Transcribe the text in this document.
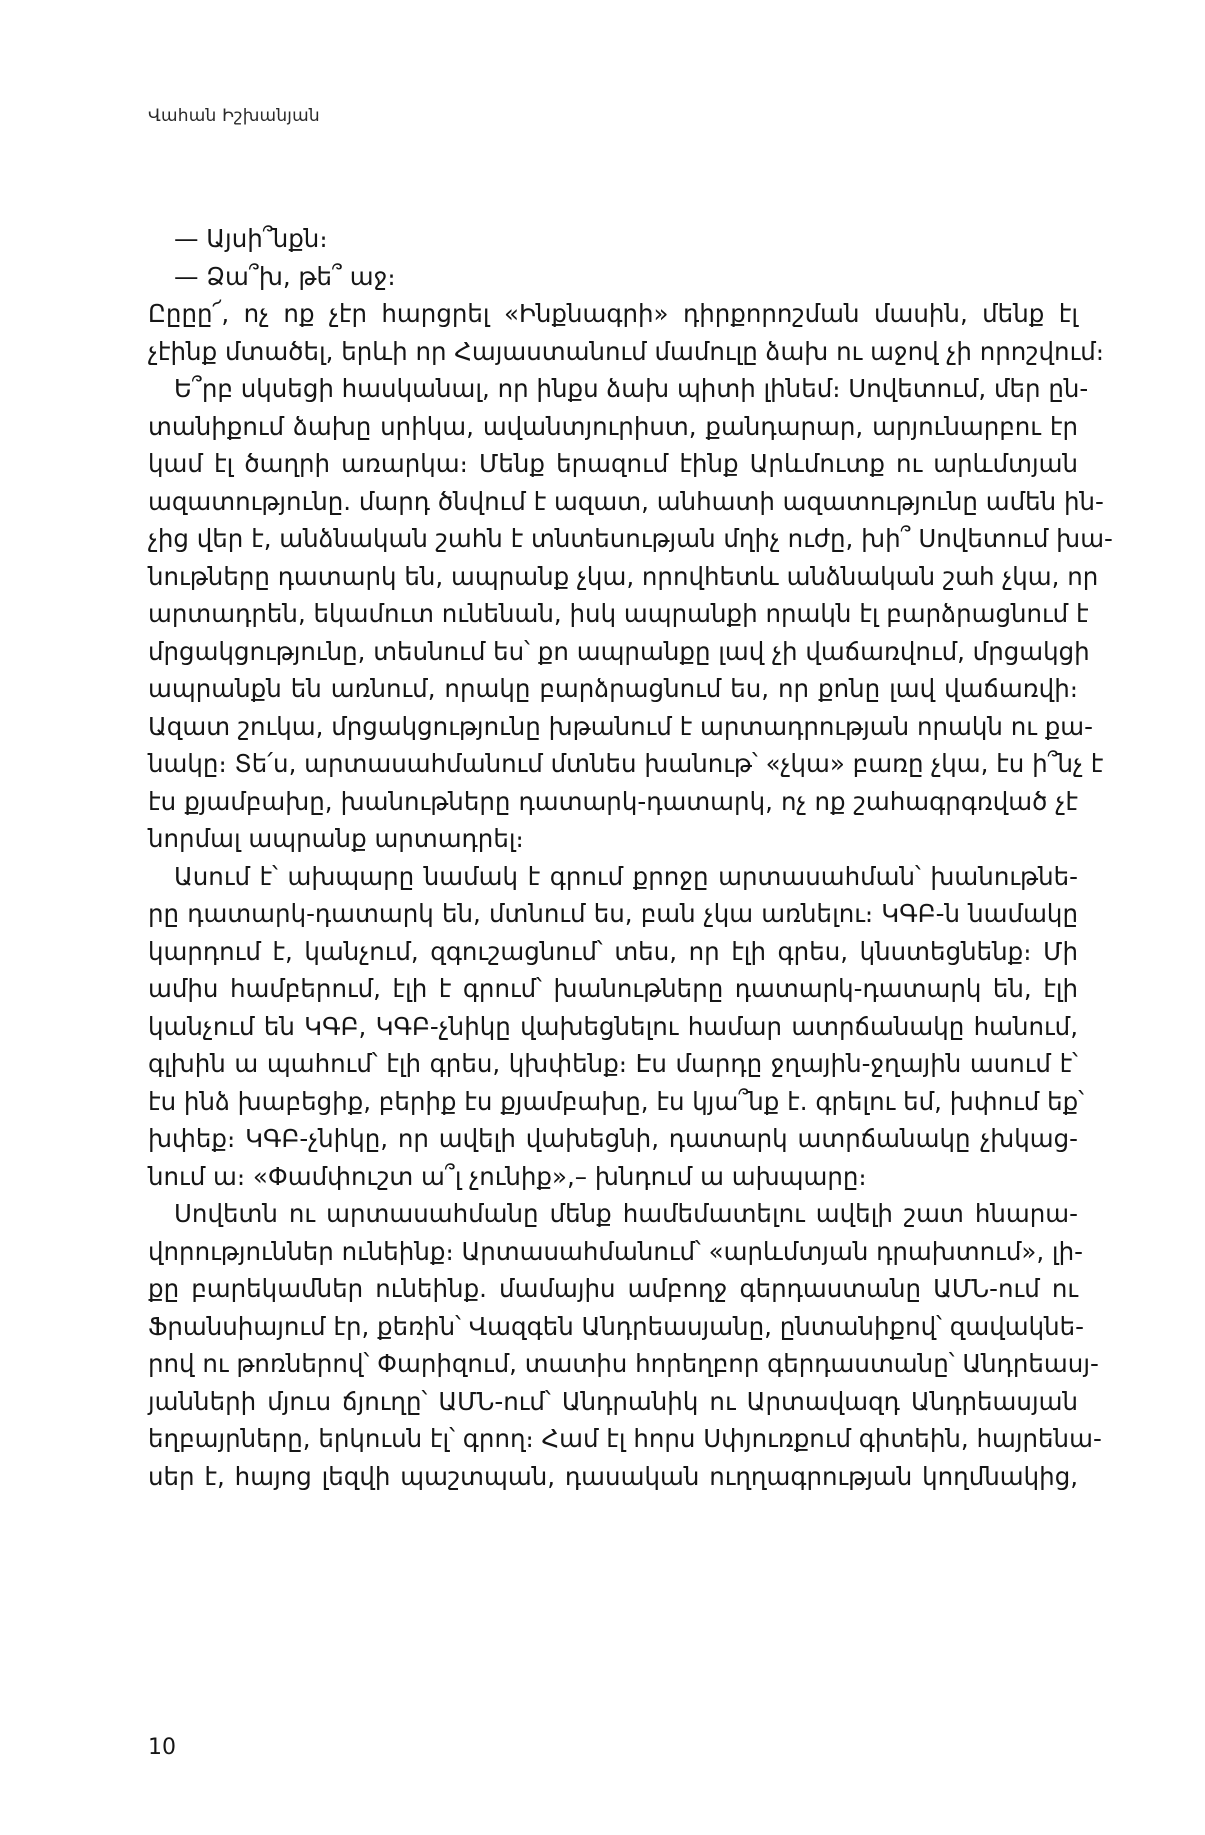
Վահան Իշխանյան
— Այսի՞նքն։
— Ձա՞խ, թե՞ աջ։
Ըըըը՜, ոչ ոք չէր հարցրել «Ինքնագրի» դիրքորոշման մասին, մենք էլ
չէինք մտածել, երևի որ Հայաստանում մամուլը ձախ ու աջով չի որոշվում։
Ե՞րբ սկսեցի հասկանալ, որ ինքս ձախ պիտի լինեմ։ Սովետում, մեր ըն-
տանիքում ձախը սրիկա, ավանտյուրիստ, քանդարար, արյունարբու էր
կամ էլ ծաղրի առարկա։ Մենք երազում էինք Արևմուտք ու արևմտյան
ազատությունը. մարդ ծնվում է ազատ, անհատի ազատությունը ամեն ին-
չից վեր է, անձնական շահն է տնտեսության մղիչ ուժը, խի՞ Սովետում խա-
նութները դատարկ են, ապրանք չկա, որովհետև անձնական շահ չկա, որ
արտադրեն, եկամուտ ունենան, իսկ ապրանքի որակն էլ բարձրացնում է
մրցակցությունը, տեսնում ես՝ քո ապրանքը լավ չի վաճառվում, մրցակցի
ապրանքն են առնում, որակը բարձրացնում ես, որ քոնը լավ վաճառվի։
Ազատ շուկա, մրցակցությունը խթանում է արտադրության որակն ու քա-
նակը։ Տե՛ս, արտասահմանում մտնես խանութ՝ «չկա» բառը չկա, էս ի՞նչ է
էս քյամբախը, խանութները դատարկ-դատարկ, ոչ ոք շահագրգռված չէ
նորմալ ապրանք արտադրել։
Ասում է՝ ախպարը նամակ է գրում քրոջը արտասահման՝ խանութնե-
րը դատարկ-դատարկ են, մտնում ես, բան չկա առնելու։ ԿԳԲ-ն նամակը
կարդում է, կանչում, զգուշացնում՝ տես, որ էլի գրես, կնստեցնենք։ Մի
ամիս համբերում, էլի է գրում՝ խանութները դատարկ-դատարկ են, էլի
կանչում են ԿԳԲ, ԿԳԲ-չնիկը վախեցնելու համար ատրճանակը հանում,
գլխին ա պահում՝ էլի գրես, կխփենք։ Էս մարդը ջղային-ջղային ասում է՝
էս ինձ խաբեցիք, բերիք էս քյամբախը, էս կյա՞նք է. գրելու եմ, խփում եք՝
խփեք։ ԿԳԲ-չնիկը, որ ավելի վախեցնի, դատարկ ատրճանակը չխկաց-
նում ա։ «Փամփուշտ ա՞լ չունիք»,– խնդում ա ախպարը։
Սովետն ու արտասահմանը մենք համեմատելու ավելի շատ հնարա-
վորություններ ունեինք։ Արտասահմանում՝ «արևմտյան դրախտում», լի-
քը բարեկամներ ունեինք. մամայիս ամբողջ գերդաստանը ԱՄՆ-ում ու
Ֆրանսիայում էր, քեռին՝ Վազգեն Անդրեասյանը, ընտանիքով՝ զավակնե-
րով ու թոռներով՝ Փարիզում, տատիս հորեղբոր գերդաստանը՝ Անդրեասյ-
յանների մյուս ճյուղը՝ ԱՄՆ-ում՝ Անդրանիկ ու Արտավազդ Անդրեասյան
եղբայրները, երկուսն էլ՝ գրող։ Համ էլ հորս Սփյուռքում գիտեին, հայրենա-
սեր է, հայոց լեզվի պաշտպան, դասական ուղղագրության կողմնակից,
10
